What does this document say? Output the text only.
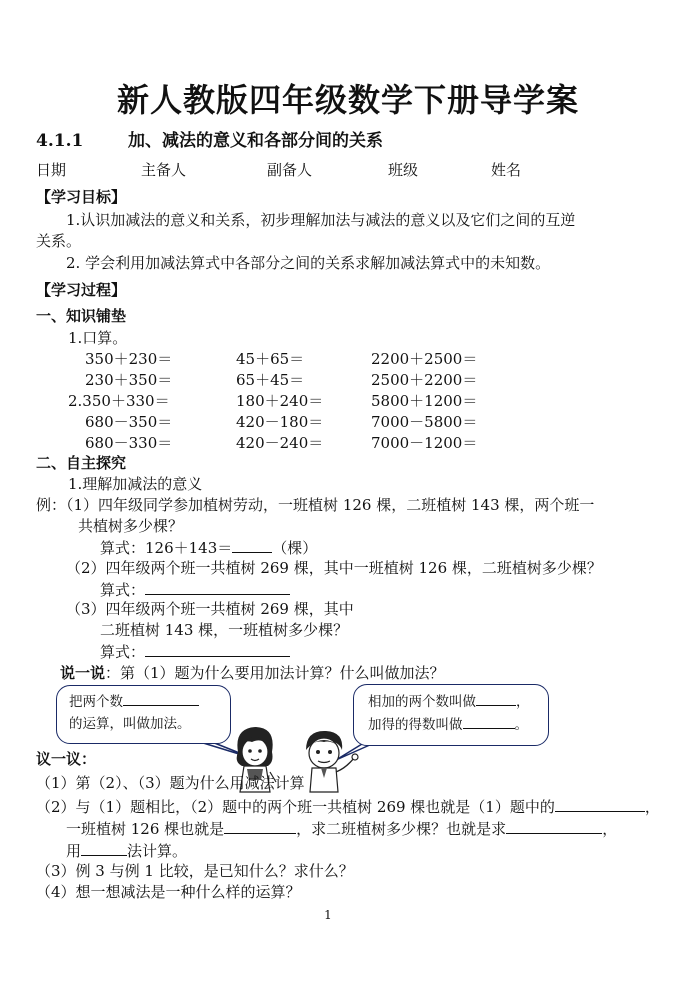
新人教版四年级数学下册导学案
4.1.1	加、减法的意义和各部分间的关系
日期	主备人	副备人	班级	姓名
【学习目标】
1.认识加减法的意义和关系，初步理解加法与减法的意义以及它们之间的互逆
关系。
2. 学会利用加减法算式中各部分之间的关系求解加减法算式中的未知数。
【学习过程】
一、知识铺垫
1.口算。
350＋230＝	45＋65＝	2200＋2500＝
230＋350＝	65＋45＝	2500＋2200＝
2.350＋330＝	180＋240＝	5800＋1200＝
680－350＝	420－180＝	7000－5800＝
680－330＝	420－240＝	7000－1200＝
二、自主探究
1.理解加减法的意义
例：（1）四年级同学参加植树劳动，一班植树 126 棵，二班植树 143 棵，两个班一
共植树多少棵？
算式：126＋143＝	（棵）
（2）四年级两个班一共植树 269 棵，其中一班植树 126 棵，二班植树多少棵？
算式：
（3）四年级两个班一共植树 269 棵，其中
二班植树 143 棵，一班植树多少棵？
算式：
说一说：第（1）题为什么要用加法计算？什么叫做加法？
把两个数
的运算，叫做加法。
相加的两个数叫做	，
加得的得数叫做	。
议一议：
（1）第（2）、（3）题为什么用减法计算
（2）与（1）题相比，（2）题中的两个班一共植树 269 棵也就是（1）题中的	，
一班植树 126 棵也就是	，求二班植树多少棵？也就是求	，
用	法计算。
（3）例 3 与例 1 比较，是已知什么？求什么？
（4）想一想减法是一种什么样的运算？
1
